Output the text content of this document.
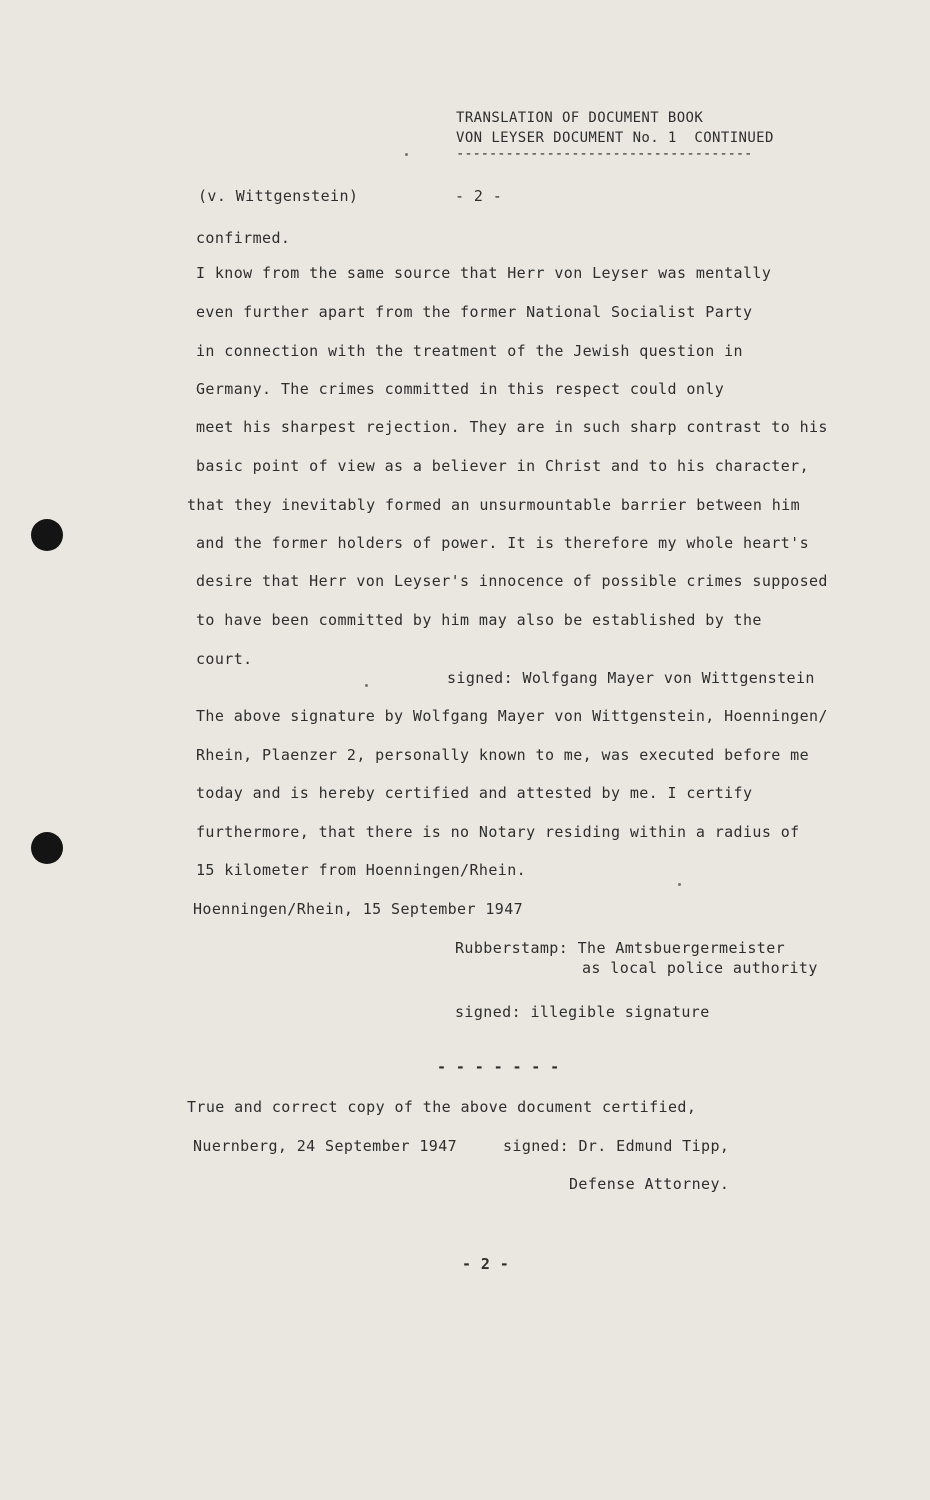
TRANSLATION OF DOCUMENT BOOK

VON LEYSER DOCUMENT No. 1  CONTINUED

------------------------------------

(v. Wittgenstein)	- 2 -

confirmed.

I know from the same source that Herr von Leyser was mentally

even further apart from the former National Socialist Party

in connection with the treatment of the Jewish question in

Germany. The crimes committed in this respect could only

meet his sharpest rejection. They are in such sharp contrast to his

basic point of view as a believer in Christ and to his character,

that they inevitably formed an unsurmountable barrier between him

and the former holders of power. It is therefore my whole heart's

desire that Herr von Leyser's innocence of possible crimes supposed

to have been committed by him may also be established by the

court.

signed: Wolfgang Mayer von Wittgenstein

The above signature by Wolfgang Mayer von Wittgenstein, Hoenningen/

Rhein, Plaenzer 2, personally known to me, was executed before me

today and is hereby certified and attested by me. I certify

furthermore, that there is no Notary residing within a radius of

15 kilometer from Hoenningen/Rhein.

Hoenningen/Rhein, 15 September 1947

Rubberstamp: The Amtsbuergermeister

as local police authority

signed: illegible signature

- - - - - - -

True and correct copy of the above document certified,

Nuernberg, 24 September 1947	signed: Dr. Edmund Tipp,

Defense Attorney.

- 2 -
